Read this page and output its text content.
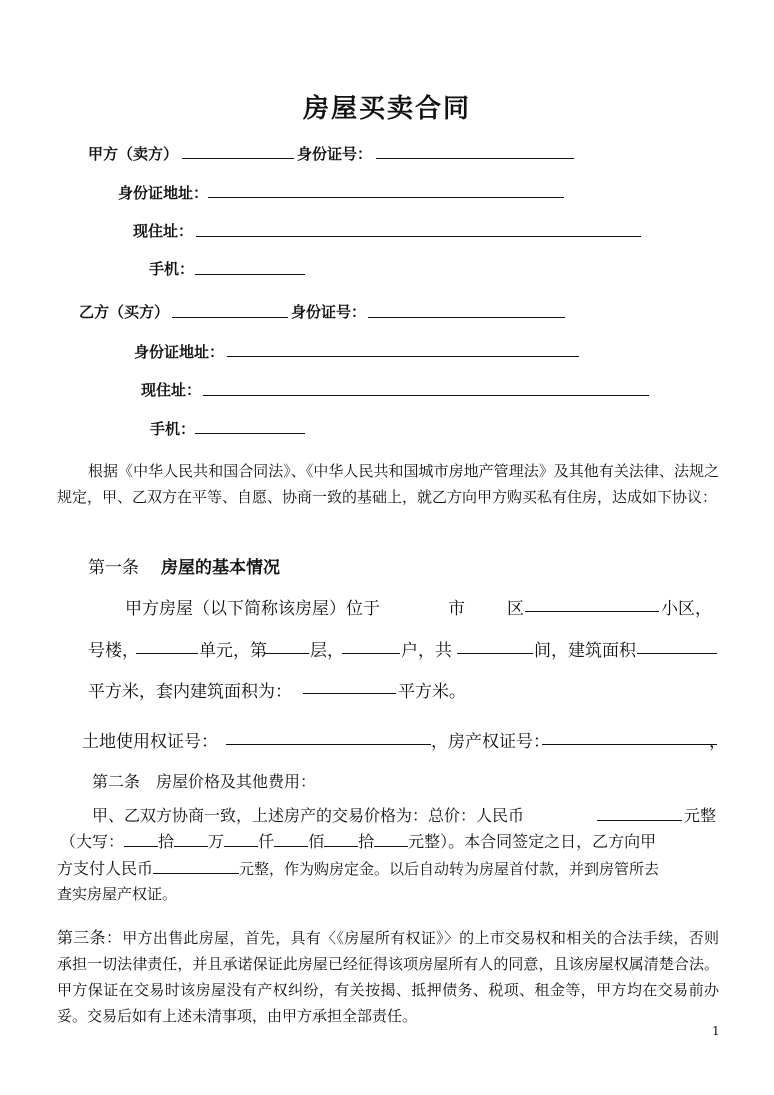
房屋买卖合同
甲方（卖方）	身份证号：
身份证地址：
现住址：
手机：
乙方（买方）	身份证号：
身份证地址：
现住址：
手机：
根据《中华人民共和国合同法》、《中华人民共和国城市房地产管理法》及其他有关法律、法规之规定，甲、乙双方在平等、自愿、协商一致的基础上，就乙方向甲方购买私有住房，达成如下协议：
第一条 房屋的基本情况
甲方房屋（以下简称该房屋）位于	市 区	小区，
号楼，	单元，第	层，	户，共	间，建筑面积
平方米，套内建筑面积为：	平方米。
土地使用权证号：	，房产权证号：	，
第二条　房屋价格及其他费用：
甲、乙双方协商一致，上述房产的交易价格为：总价：人民币	元整
（大写： 拾 万 仟 佰 拾 元整）。本合同签定之日，乙方向甲
方支付人民币	元整，作为购房定金。以后自动转为房屋首付款，并到房管所去
查实房屋产权证。
第三条：甲方出售此房屋，首先，具有〈《房屋所有权证》〉的上市交易权和相关的合法手续，否则承担一切法律责任，并且承诺保证此房屋已经征得该项房屋所有人的同意，且该房屋权属清楚合法。甲方保证在交易时该房屋没有产权纠纷，有关按揭、抵押债务、税项、租金等，甲方均在交易前办妥。交易后如有上述未清事项，由甲方承担全部责任。
1
